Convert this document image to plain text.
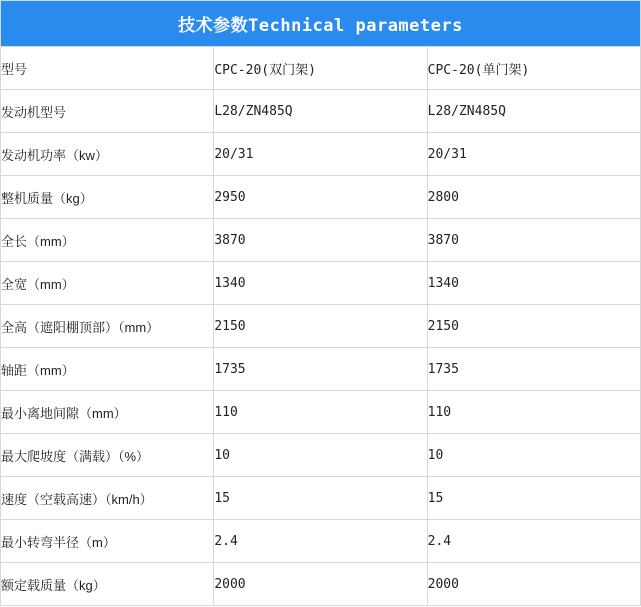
技术参数Technical parameters		
型号	CPC-20(双门架)	CPC-20(单门架)
发动机型号	L28/ZN485Q	L28/ZN485Q
发动机功率（kw）	20/31	20/31
整机质量（kg）	2950	2800
全长（mm）	3870	3870
全宽（mm）	1340	1340
全高（遮阳棚顶部）（mm）	2150	2150
轴距（mm）	1735	1735
最小离地间隙（mm）	110	110
最大爬坡度（满载）（%）	10	10
速度（空载高速）（km/h）	15	15
最小转弯半径（m）	2.4	2.4
额定载质量（kg）	2000	2000
